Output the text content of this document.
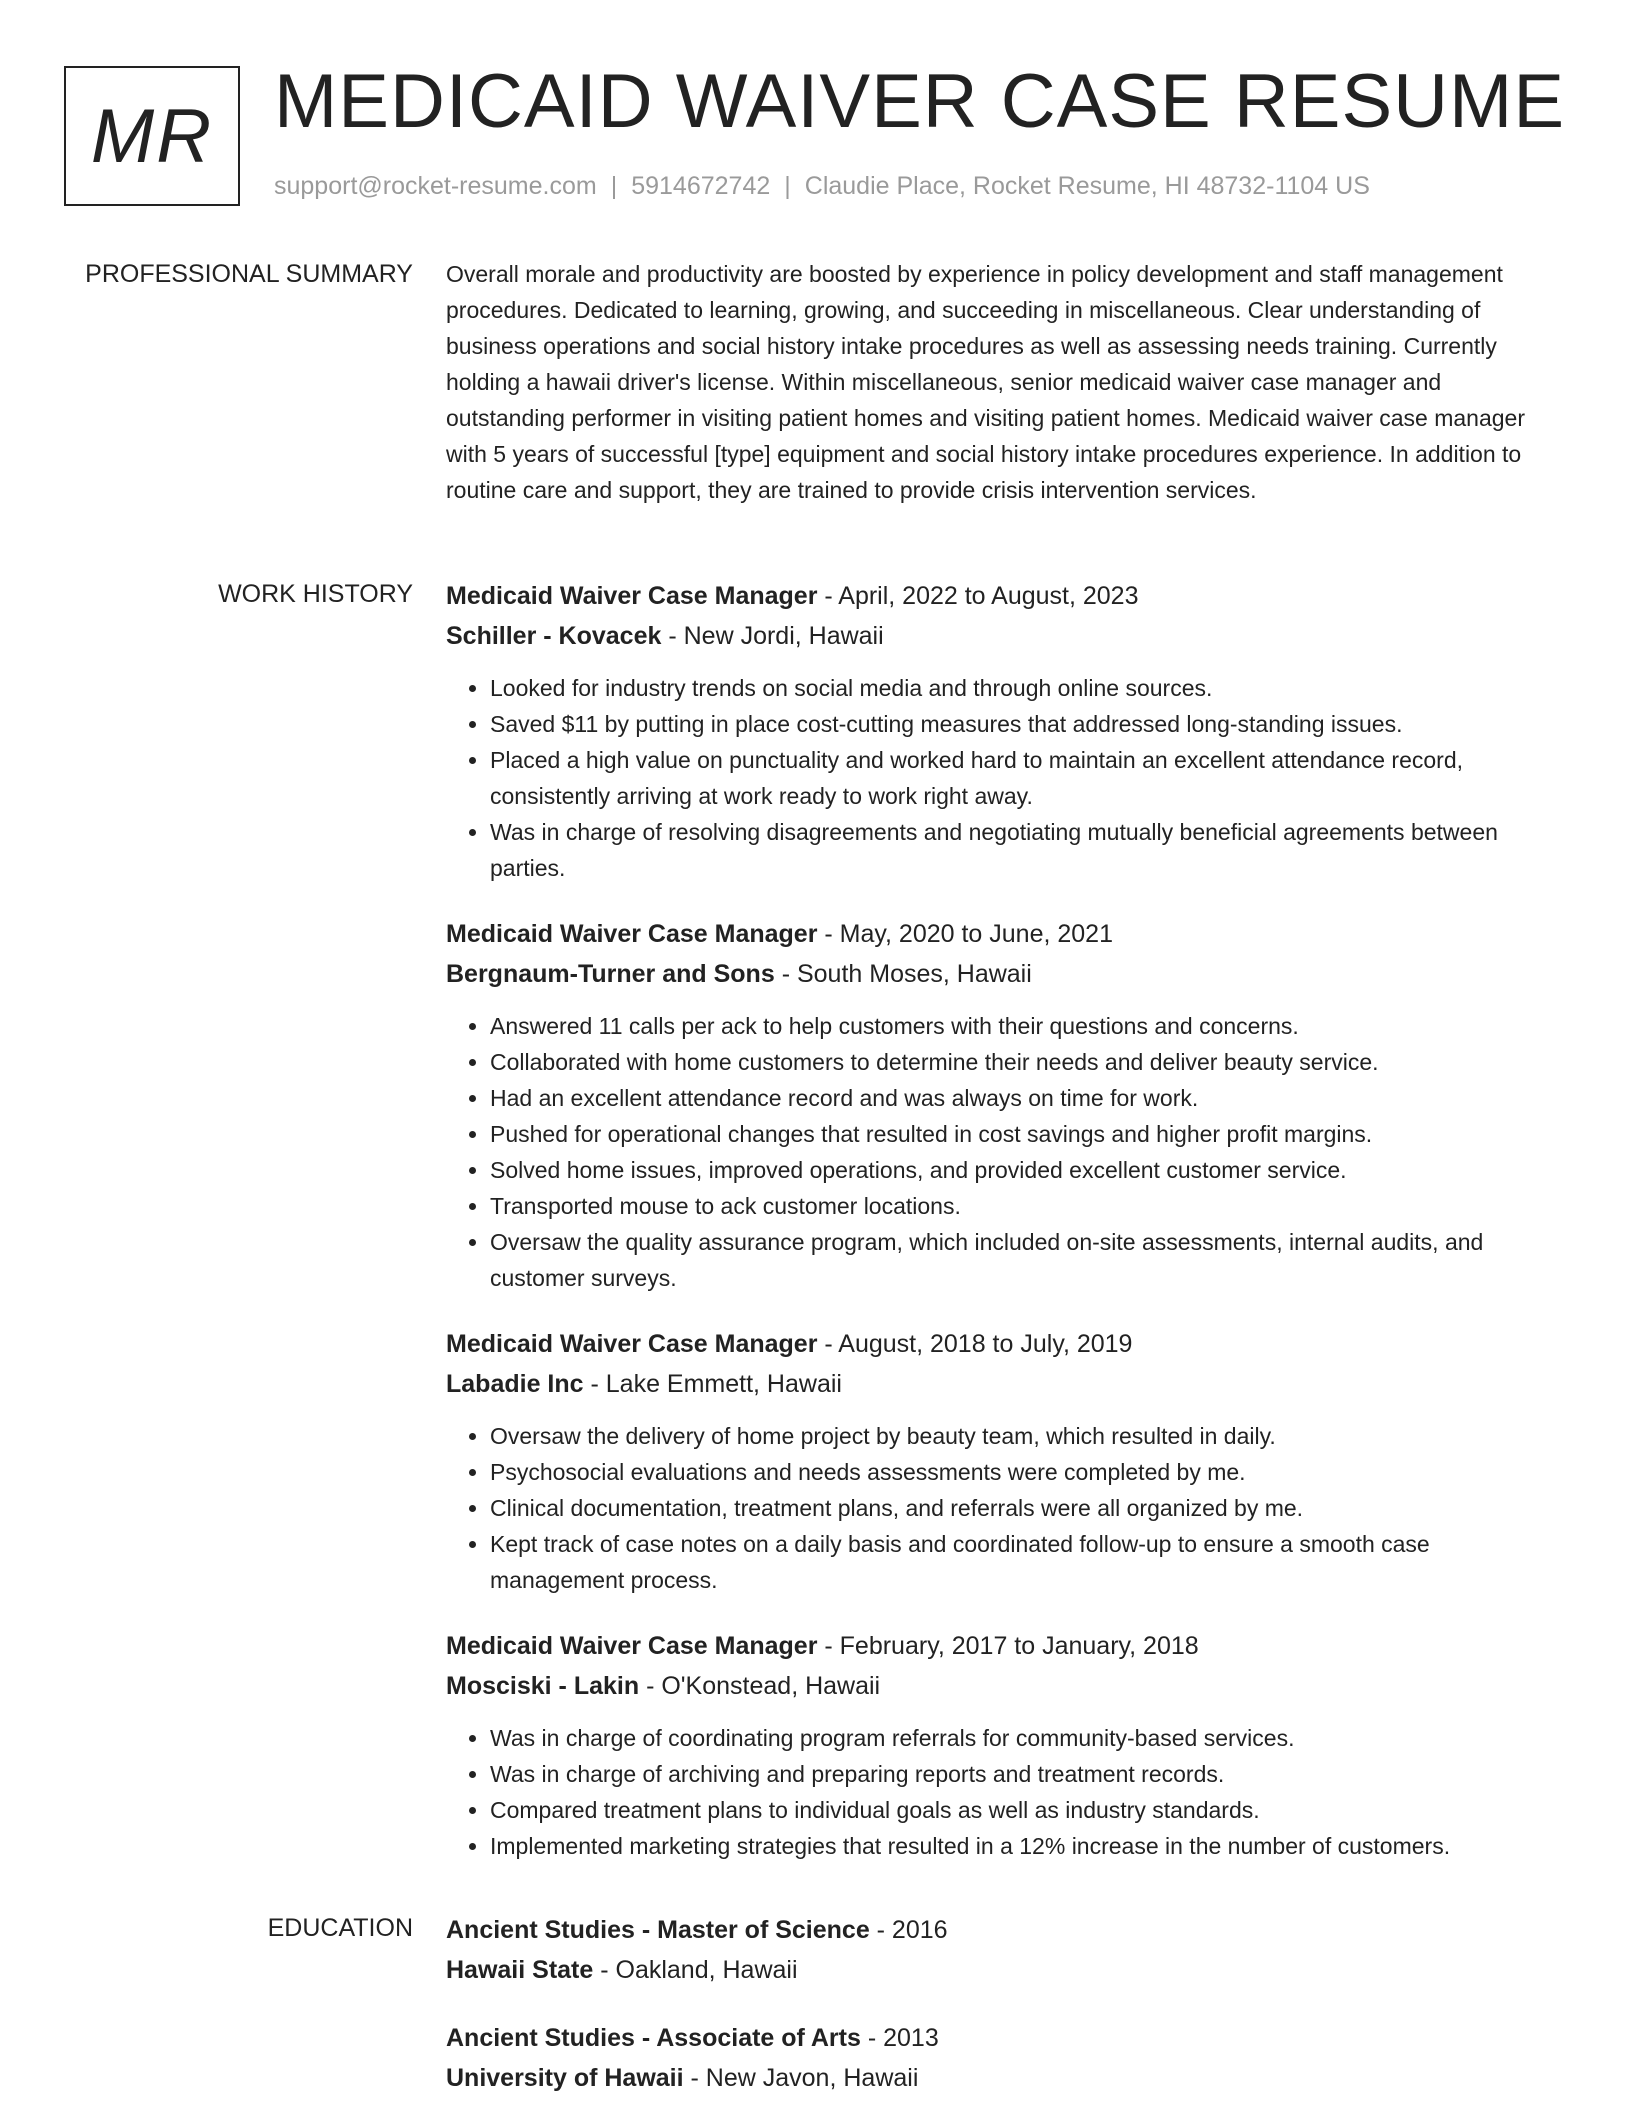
MR MEDICAID WAIVER CASE RESUME
support@rocket-resume.com | 5914672742 | Claudie Place, Rocket Resume, HI 48732-1104 US
PROFESSIONAL SUMMARY Overall morale and productivity are boosted by experience in policy development and staff management procedures. Dedicated to learning, growing, and succeeding in miscellaneous. Clear understanding of business operations and social history intake procedures as well as assessing needs training. Currently holding a hawaii driver's license. Within miscellaneous, senior medicaid waiver case manager and outstanding performer in visiting patient homes and visiting patient homes. Medicaid waiver case manager with 5 years of successful [type] equipment and social history intake procedures experience. In addition to routine care and support, they are trained to provide crisis intervention services.

WORK HISTORY Medicaid Waiver Case Manager - April, 2022 to August, 2023
Schiller - Kovacek - New Jordi, Hawaii
• Looked for industry trends on social media and through online sources.
• Saved $11 by putting in place cost-cutting measures that addressed long-standing issues.
• Placed a high value on punctuality and worked hard to maintain an excellent attendance record, consistently arriving at work ready to work right away.
• Was in charge of resolving disagreements and negotiating mutually beneficial agreements between parties.
Medicaid Waiver Case Manager - May, 2020 to June, 2021
Bergnaum-Turner and Sons - South Moses, Hawaii
• Answered 11 calls per ack to help customers with their questions and concerns.
• Collaborated with home customers to determine their needs and deliver beauty service.
• Had an excellent attendance record and was always on time for work.
• Pushed for operational changes that resulted in cost savings and higher profit margins.
• Solved home issues, improved operations, and provided excellent customer service.
• Transported mouse to ack customer locations.
• Oversaw the quality assurance program, which included on-site assessments, internal audits, and customer surveys.
Medicaid Waiver Case Manager - August, 2018 to July, 2019
Labadie Inc - Lake Emmett, Hawaii
• Oversaw the delivery of home project by beauty team, which resulted in daily.
• Psychosocial evaluations and needs assessments were completed by me.
• Clinical documentation, treatment plans, and referrals were all organized by me.
• Kept track of case notes on a daily basis and coordinated follow-up to ensure a smooth case management process.
Medicaid Waiver Case Manager - February, 2017 to January, 2018
Mosciski - Lakin - O'Konstead, Hawaii
• Was in charge of coordinating program referrals for community-based services.
• Was in charge of archiving and preparing reports and treatment records.
• Compared treatment plans to individual goals as well as industry standards.
• Implemented marketing strategies that resulted in a 12% increase in the number of customers.
EDUCATION Ancient Studies - Master of Science - 2016
Hawaii State - Oakland, Hawaii
Ancient Studies - Associate of Arts - 2013
University of Hawaii - New Javon, Hawaii
